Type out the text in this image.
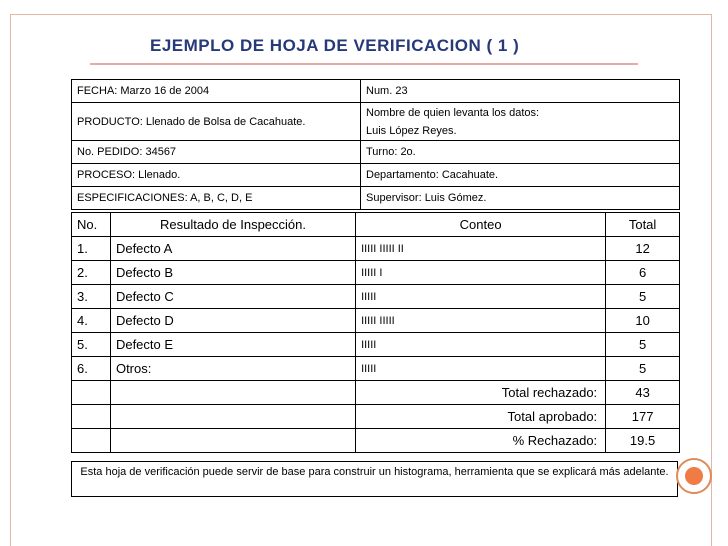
EJEMPLO DE HOJA DE VERIFICACION ( 1 )
FECHA: Marzo 16 de 2004	Num. 23
PRODUCTO: Llenado de Bolsa de Cacahuate.	Nombre de quien levanta los datos:
Luis López Reyes.

No. PEDIDO: 34567	Turno: 2o.
PROCESO: Llenado.	Departamento: Cacahuate.
ESPECIFICACIONES: A, B, C, D, E	Supervisor: Luis Gómez.
No.	Resultado de Inspección.	Conteo	Total
1.	Defecto A	IIIII IIIII II	12
2.	Defecto B	IIIII I	6
3.	Defecto C	IIIII	5
4.	Defecto D	IIIII IIIII	10
5.	Defecto E	IIIII	5
6.	Otros:	IIIII	5
		Total rechazado:	43
		Total aprobado:	177
		% Rechazado:	19.5
Esta hoja de verificación puede servir de base para construir un histograma, herramienta que se explicará más adelante.
